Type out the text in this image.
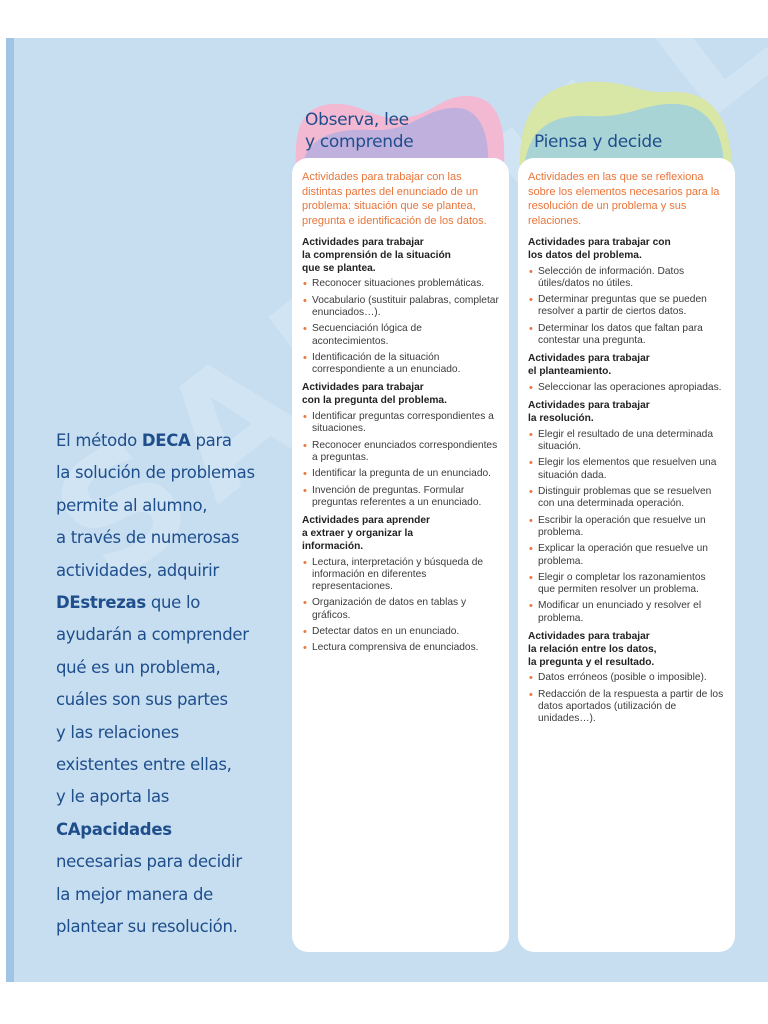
El método DECA para
la solución de problemas
permite al alumno,
a través de numerosas
actividades, adquirir
DEstrezas que lo
ayudarán a comprender
qué es un problema,
cuáles son sus partes
y las relaciones
existentes entre ellas,
y le aporta las
CApacidades
necesarias para decidir
la mejor manera de
plantear su resolución.
Observa, lee
y comprende	Piensa y decide
Actividades para trabajar con las distintas partes del enunciado de un problema: situación que se plantea, pregunta e identificación de los datos.
Actividades para trabajar
la comprensión de la situación
que se plantea.
• Reconocer situaciones problemáticas.
• Vocabulario (sustituir palabras, completar enunciados…).
• Secuenciación lógica de acontecimientos.
• Identificación de la situación correspondiente a un enunciado.
Actividades para trabajar
con la pregunta del problema.
• Identificar preguntas correspondientes a situaciones.
• Reconocer enunciados correspondientes a preguntas.
• Identificar la pregunta de un enunciado.
• Invención de preguntas. Formular preguntas referentes a un enunciado.
Actividades para aprender
a extraer y organizar la
información.
• Lectura, interpretación y búsqueda de información en diferentes representaciones.
• Organización de datos en tablas y gráficos.
• Detectar datos en un enunciado.
• Lectura comprensiva de enunciados.
Actividades en las que se reflexiona sobre los elementos necesarios para la resolución de un problema y sus relaciones.
Actividades para trabajar con
los datos del problema.
• Selección de información. Datos útiles/datos no útiles.
• Determinar preguntas que se pueden resolver a partir de ciertos datos.
• Determinar los datos que faltan para contestar una pregunta.
Actividades para trabajar
el planteamiento.
• Seleccionar las operaciones apropiadas.
Actividades para trabajar
la resolución.
• Elegir el resultado de una determinada situación.
• Elegir los elementos que resuelven una situación dada.
• Distinguir problemas que se resuelven con una determinada operación.
• Escribir la operación que resuelve un problema.
• Explicar la operación que resuelve un problema.
• Elegir o completar los razonamientos que permiten resolver un problema.
• Modificar un enunciado y resolver el problema.
Actividades para trabajar
la relación entre los datos,
la pregunta y el resultado.
• Datos erróneos (posible o imposible).
• Redacción de la respuesta a partir de los datos aportados (utilización de unidades…).
